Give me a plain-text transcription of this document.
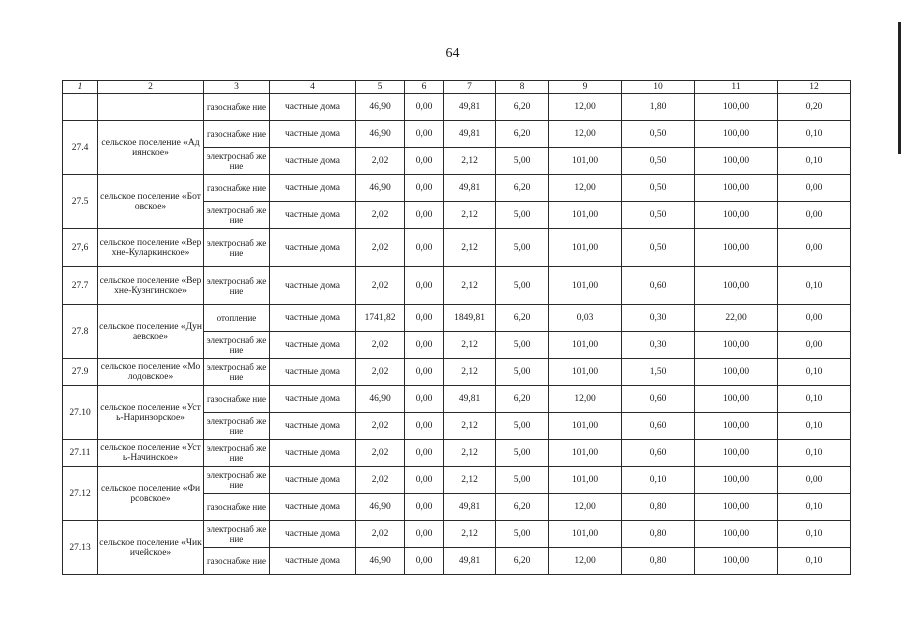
64
1	2	3	4	5	6	7	8	9	10	11	12
		газоснабже ние	частные дома	46,90	0,00	49,81	6,20	12,00	1,80	100,00	0,20
27.4	сельское поселение «Адиянское»	газоснабже ние	частные дома	46,90	0,00	49,81	6,20	12,00	0,50	100,00	0,10
		электроснаб жение	частные дома	2,02	0,00	2,12	5,00	101,00	0,50	100,00	0,10
27.5	сельское поселение «Ботовское»	газоснабже ние	частные дома	46,90	0,00	49,81	6,20	12,00	0,50	100,00	0,00
		электроснаб жение	частные дома	2,02	0,00	2,12	5,00	101,00	0,50	100,00	0,00
27,6	сельское поселение «Верхне-Куларкинское»	электроснаб жение	частные дома	2,02	0,00	2,12	5,00	101,00	0,50	100,00	0,00
27.7	сельское поселение «Верхне-Кузнгинское»	электроснаб жение	частные дома	2,02	0,00	2,12	5,00	101,00	0,60	100,00	0,10
27.8	сельское поселение «Дунаевское»	отопление	частные дома	1741,82	0,00	1849,81	6,20	0,03	0,30	22,00	0,00
		электроснаб жение	частные дома	2,02	0,00	2,12	5,00	101,00	0,30	100,00	0,00
27.9	сельское поселение «Молодовское»	электроснаб жение	частные дома	2,02	0,00	2,12	5,00	101,00	1,50	100,00	0,10
27.10	сельское поселение «Усть-Наринзорское»	газоснабже ние	частные дома	46,90	0,00	49,81	6,20	12,00	0,60	100,00	0,10
		электроснаб жение	частные дома	2,02	0,00	2,12	5,00	101,00	0,60	100,00	0,10
27.11	сельское поселение «Усть-Начинское»	электроснаб жение	частные дома	2,02	0,00	2,12	5,00	101,00	0,60	100,00	0,10
27.12	сельское поселение «Фирсовское»	электроснаб жение	частные дома	2,02	0,00	2,12	5,00	101,00	0,10	100,00	0,00
		газоснабже ние	частные дома	46,90	0,00	49,81	6,20	12,00	0,80	100,00	0,10
27.13	сельское поселение «Чикичейское»	электроснаб жение	частные дома	2,02	0,00	2,12	5,00	101,00	0,80	100,00	0,10
		газоснабже ние	частные дома	46,90	0,00	49,81	6,20	12,00	0,80	100,00	0,10
